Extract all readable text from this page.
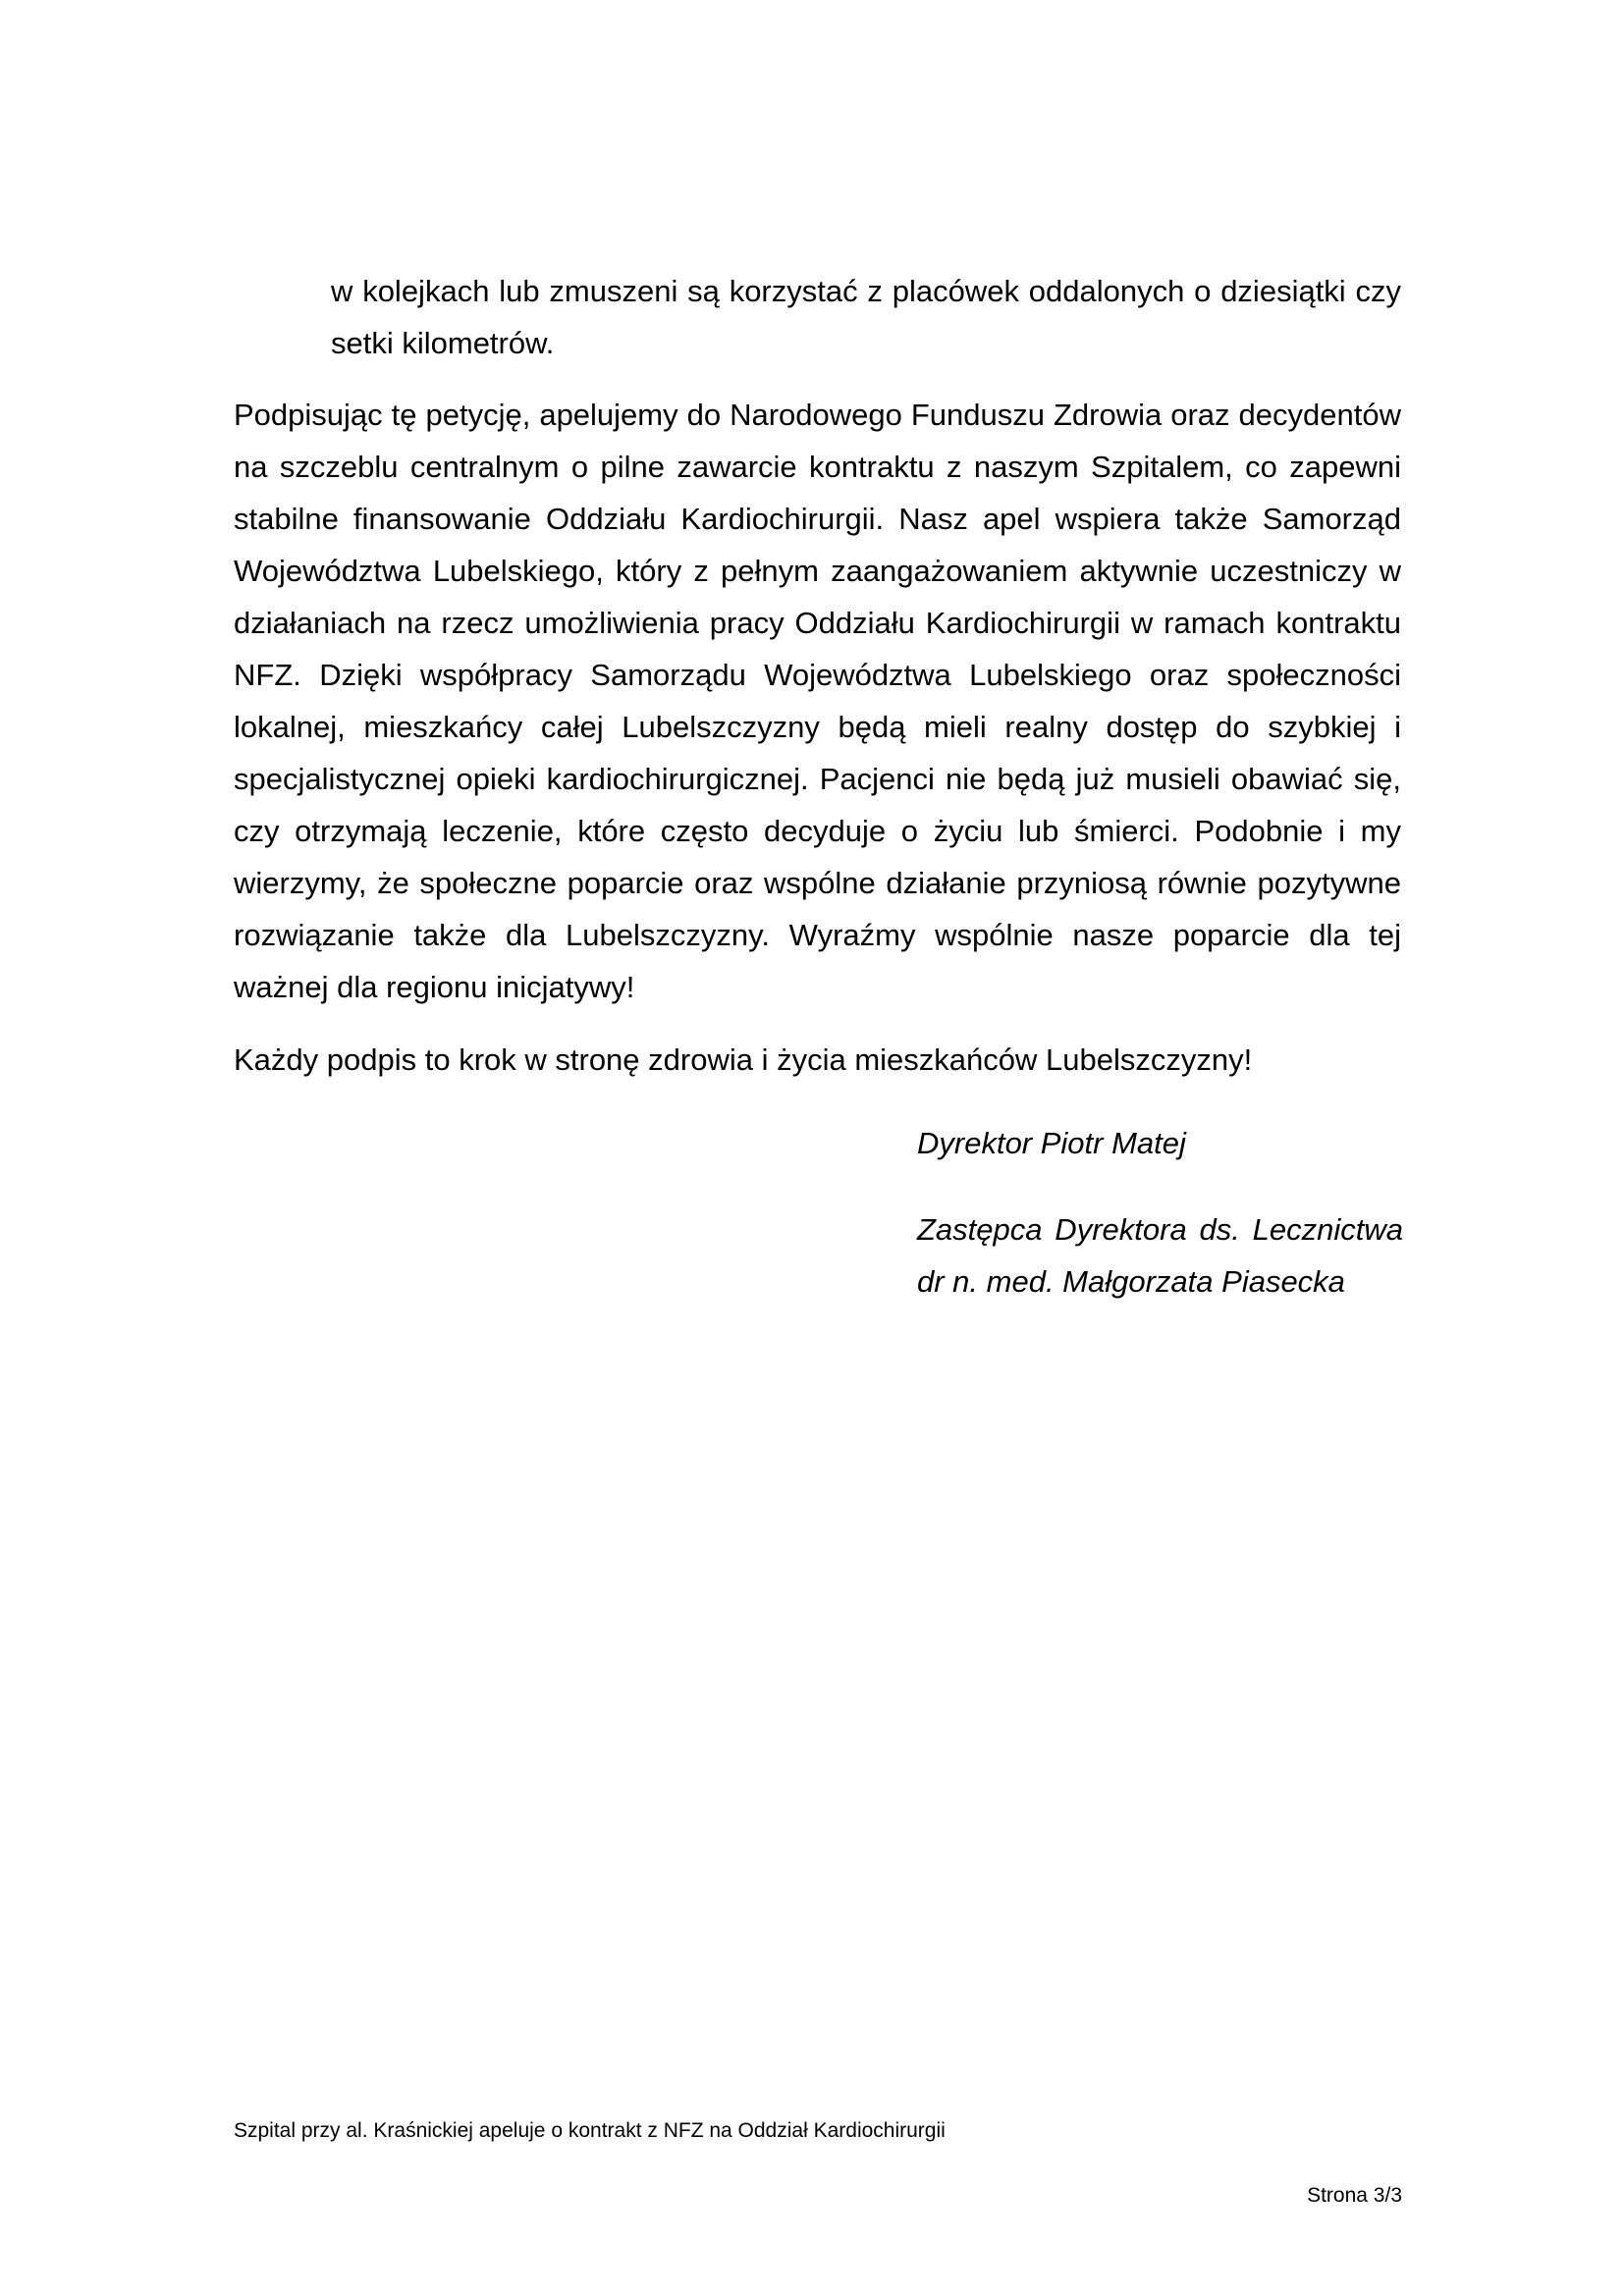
w kolejkach lub zmuszeni są korzystać z placówek oddalonych o dziesiątki czy setki kilometrów.

Podpisując tę petycję, apelujemy do Narodowego Funduszu Zdrowia oraz decydentów na szczeblu centralnym o pilne zawarcie kontraktu z naszym Szpitalem, co zapewni stabilne finansowanie Oddziału Kardiochirurgii. Nasz apel wspiera także Samorząd Województwa Lubelskiego, który z pełnym zaangażowaniem aktywnie uczestniczy w działaniach na rzecz umożliwienia pracy Oddziału Kardiochirurgii w ramach kontraktu NFZ. Dzięki współpracy Samorządu Województwa Lubelskiego oraz społeczności lokalnej, mieszkańcy całej Lubelszczyzny będą mieli realny dostęp do szybkiej i specjalistycznej opieki kardiochirurgicznej. Pacjenci nie będą już musieli obawiać się, czy otrzymają leczenie, które często decyduje o życiu lub śmierci. Podobnie i my wierzymy, że społeczne poparcie oraz wspólne działanie przyniosą równie pozytywne rozwiązanie także dla Lubelszczyzny. Wyraźmy wspólnie nasze poparcie dla tej ważnej dla regionu inicjatywy!

Każdy podpis to krok w stronę zdrowia i życia mieszkańców Lubelszczyzny!

Dyrektor Piotr Matej

Zastępca Dyrektora ds. Lecznictwa

dr n. med. Małgorzata Piasecka

Szpital przy al. Kraśnickiej apeluje o kontrakt z NFZ na Oddział Kardiochirurgii

Strona 3/3
